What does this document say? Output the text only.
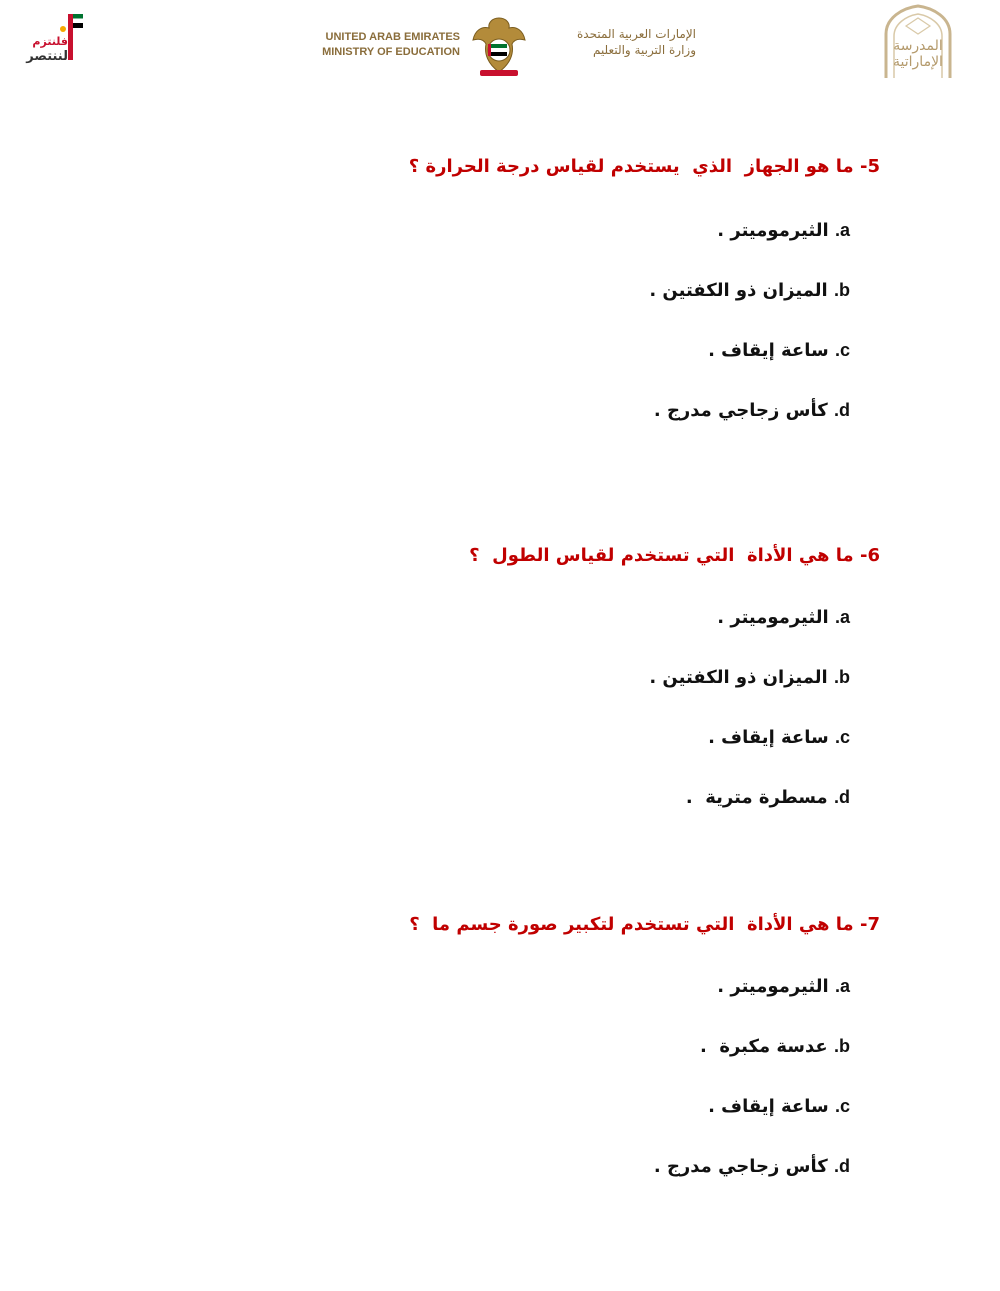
فلنتزم
لننتصر
UNITED ARAB EMIRATES
MINISTRY OF EDUCATION
الإمارات العربية المتحدة
وزارة التربية والتعليم	المدرسة
الإماراتية
5- ما هو الجهاز  الذي  يستخدم لقياس درجة الحرارة ؟
a. الثيرموميتر .
b. الميزان ذو الكفتين .
c. ساعة إيقاف .
d. كأس زجاجي مدرج .
6- ما هي الأداة  التي تستخدم لقياس الطول  ؟
a. الثيرموميتر .
b. الميزان ذو الكفتين .
c. ساعة إيقاف .
d. مسطرة مترية  .
7- ما هي الأداة  التي تستخدم لتكبير صورة جسم ما  ؟
a. الثيرموميتر .
b. عدسة مكبرة  .
c. ساعة إيقاف .
d. كأس زجاجي مدرج .
